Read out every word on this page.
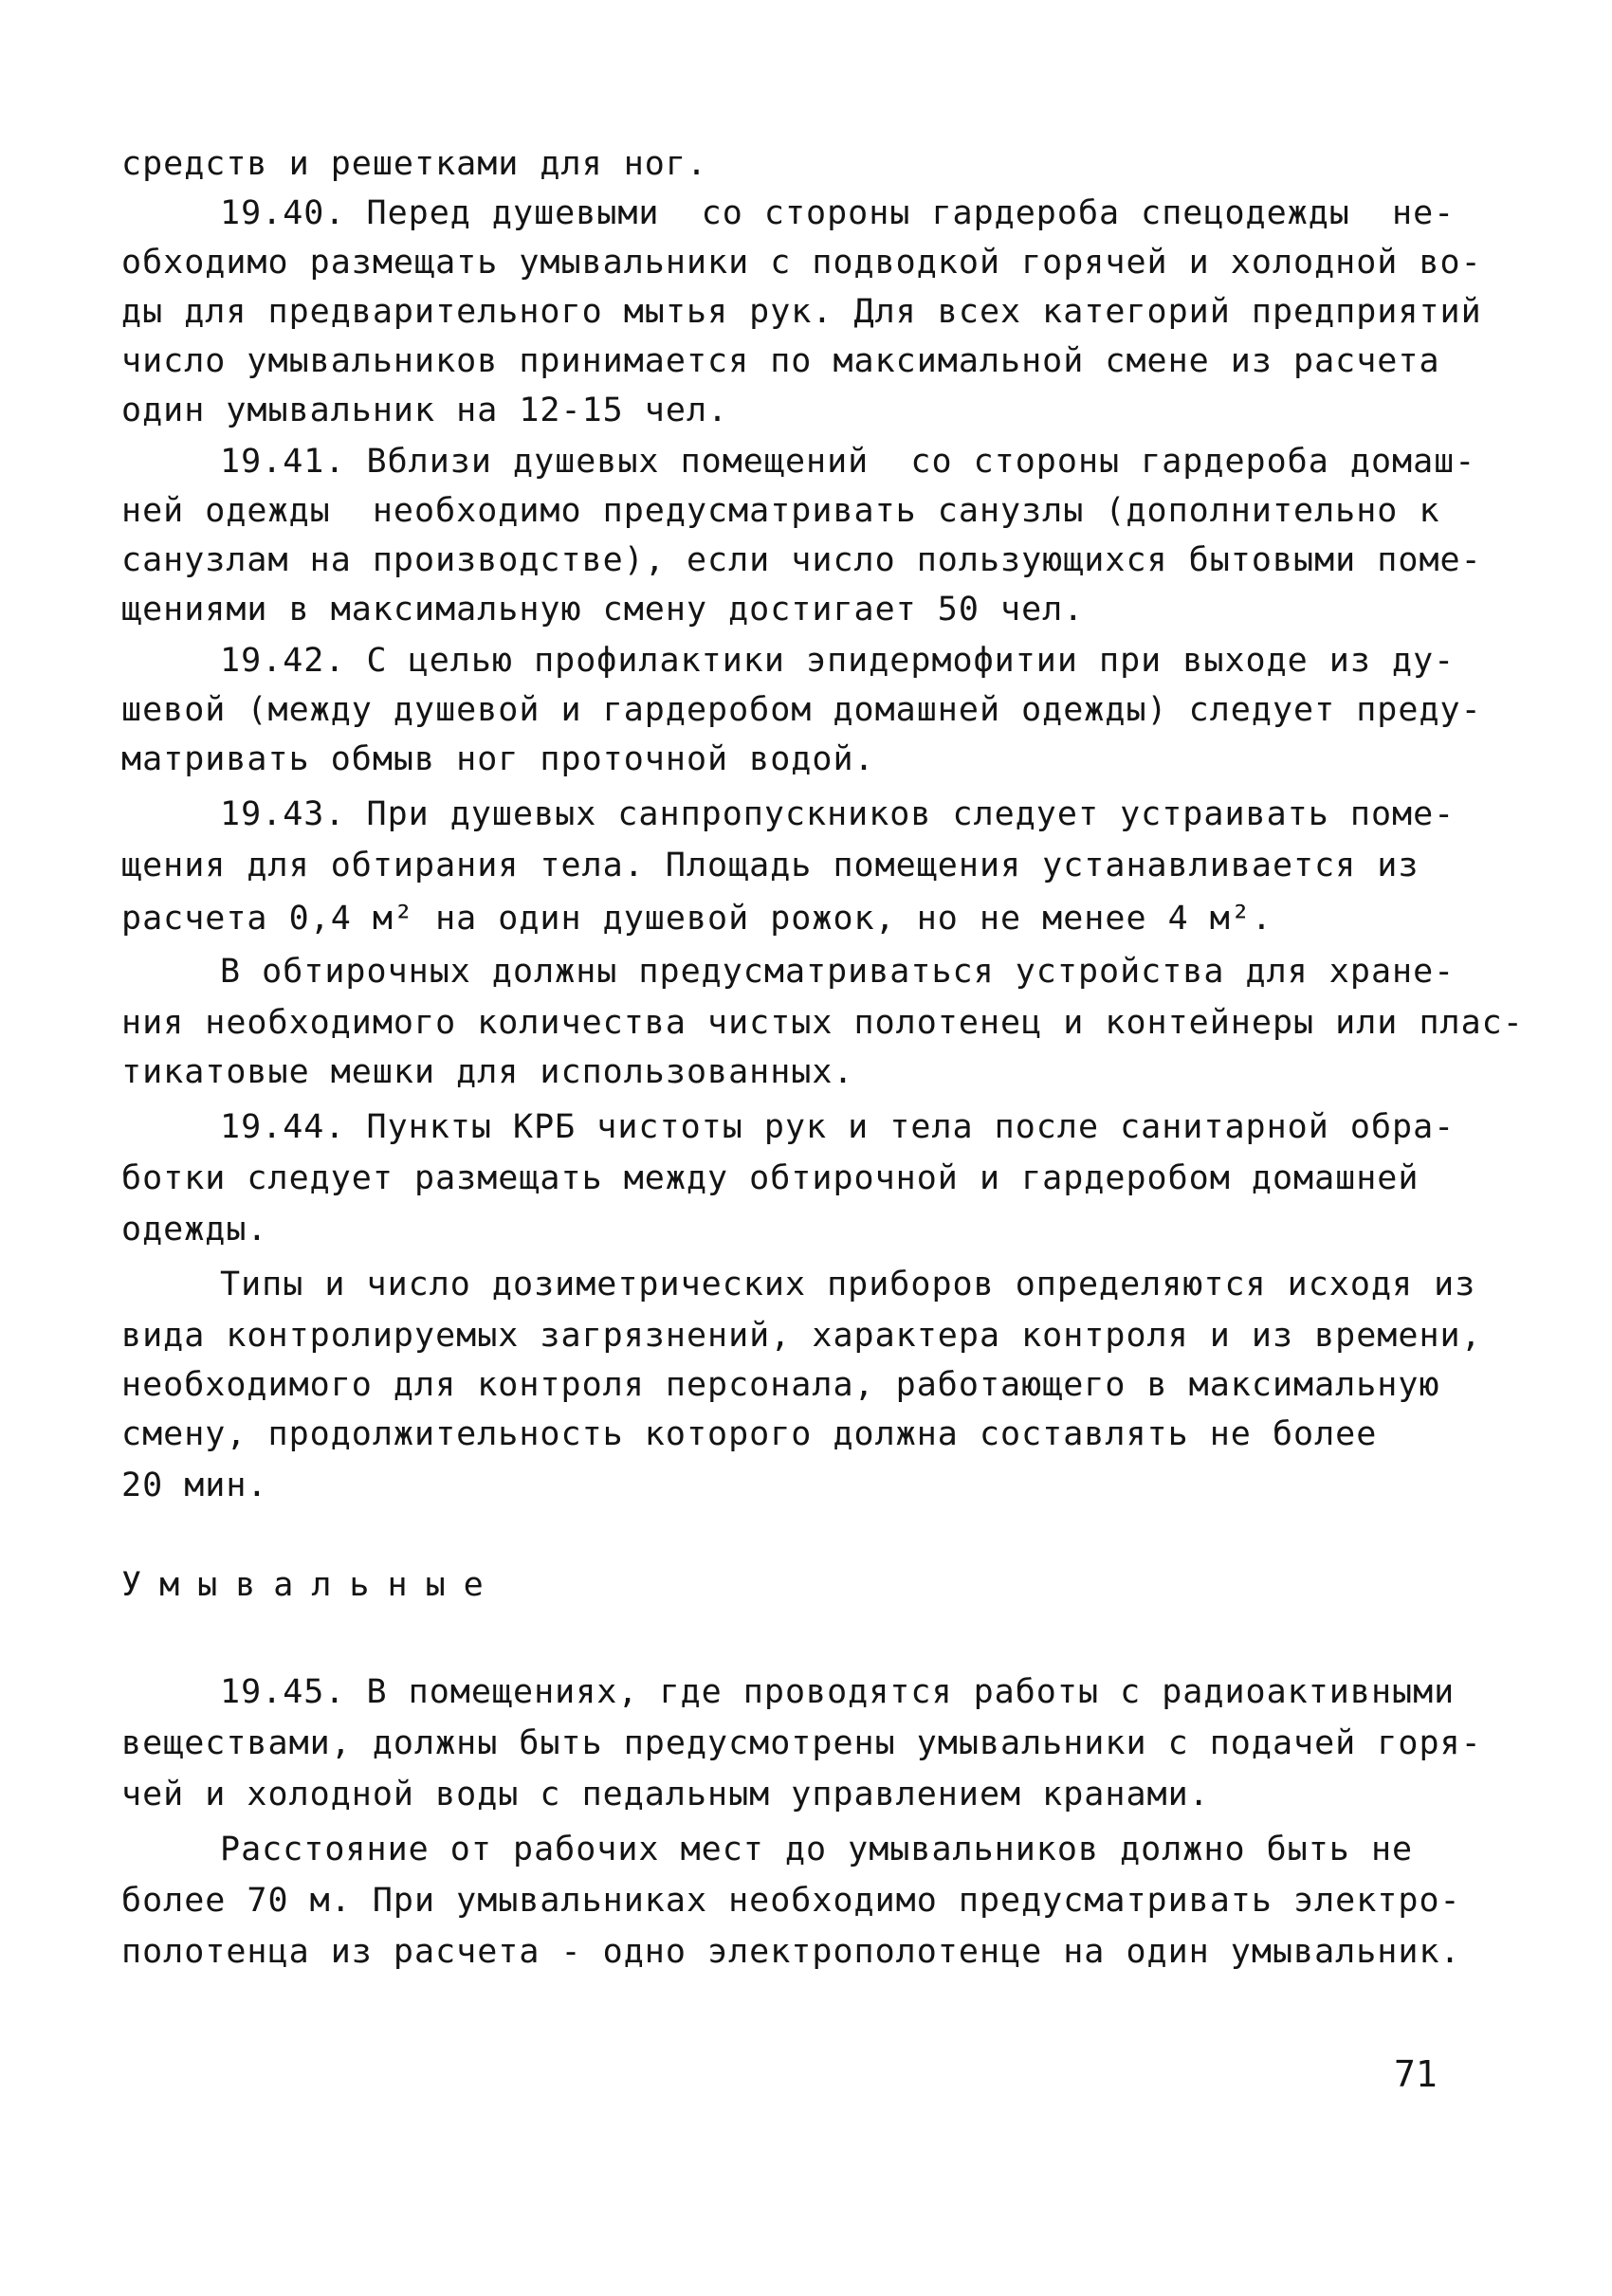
средств и решетками для ног.
19.40. Перед душевыми  со стороны гардероба спецодежды  не-
обходимо размещать умывальники с подводкой горячей и холодной во-
ды для предварительного мытья рук. Для всех категорий предприятий
число умывальников принимается по максимальной смене из расчета
один умывальник на 12-15 чел.
19.41. Вблизи душевых помещений  со стороны гардероба домаш-
ней одежды  необходимо предусматривать санузлы (дополнительно к
санузлам на производстве), если число пользующихся бытовыми поме-
щениями в максимальную смену достигает 50 чел.
19.42. С целью профилактики эпидермофитии при выходе из ду-
шевой (между душевой и гардеробом домашней одежды) следует преду-
матривать обмыв ног проточной водой.
19.43. При душевых санпропускников следует устраивать поме-
щения для обтирания тела. Площадь помещения устанавливается из
расчета 0,4 м² на один душевой рожок, но не менее 4 м².
В обтирочных должны предусматриваться устройства для хране-
ния необходимого количества чистых полотенец и контейнеры или плас-
тикатовые мешки для использованных.
19.44. Пункты КРБ чистоты рук и тела после санитарной обра-
ботки следует размещать между обтирочной и гардеробом домашней
одежды.
Типы и число дозиметрических приборов определяются исходя из
вида контролируемых загрязнений, характера контроля и из времени,
необходимого для контроля персонала, работающего в максимальную
смену, продолжительность которого должна составлять не более
20 мин.
Умывальные
19.45. В помещениях, где проводятся работы с радиоактивными
веществами, должны быть предусмотрены умывальники с подачей горя-
чей и холодной воды с педальным управлением кранами.
Расстояние от рабочих мест до умывальников должно быть не
более 70 м. При умывальниках необходимо предусматривать электро-
полотенца из расчета - одно электрополотенце на один умывальник.
71
